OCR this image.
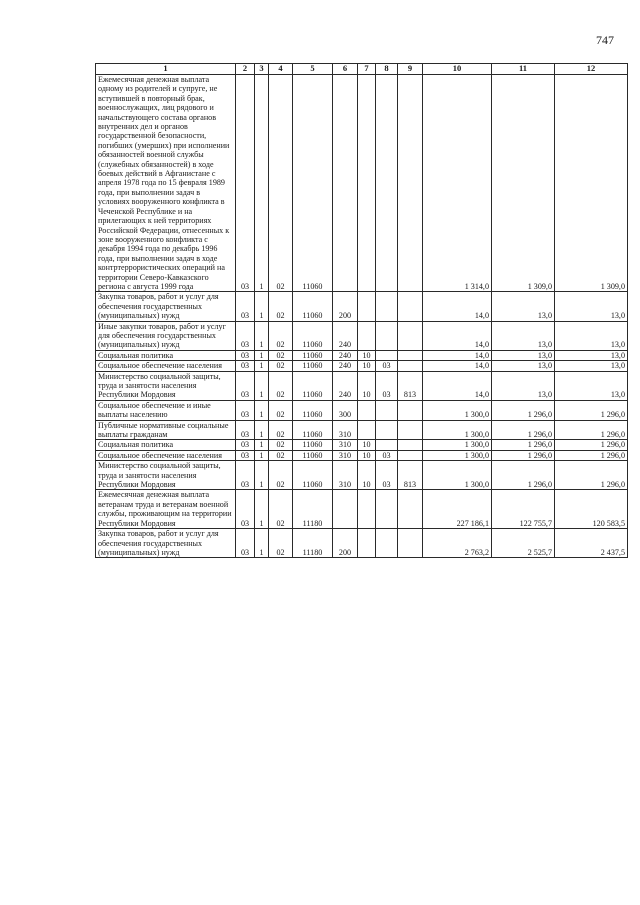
747
1	2	3	4	5	6	7	8	9	10	11	12
Ежемесячная денежная выплата одному из родителей и супруге, не вступившей в повторный брак, военнослужащих, лиц рядового и начальствующего состава органов внутренних дел и органов государственной безопасности, погибших (умерших) при исполнении обязанностей военной службы (служебных обязанностей) в ходе боевых действий в Афганистане с апреля 1978 года по 15 февраля 1989 года, при выполнении задач в условиях вооруженного конфликта в Чеченской Республике и на прилегающих к ней территориях Российской Федерации, отнесенных к зоне вооруженного конфликта с декабря 1994 года по декабрь 1996 года, при выполнении задач в ходе контртеррористических операций на территории Северо-Кавказского региона с августа 1999 года	03	1	02	11060					1 314,0	1 309,0	1 309,0
Закупка товаров, работ и услуг для обеспечения государственных (муниципальных) нужд	03	1	02	11060	200				14,0	13,0	13,0
Иные закупки товаров, работ и услуг для обеспечения государственных (муниципальных) нужд	03	1	02	11060	240				14,0	13,0	13,0
Социальная политика	03	1	02	11060	240	10			14,0	13,0	13,0
Социальное обеспечение населения	03	1	02	11060	240	10	03		14,0	13,0	13,0
Министерство социальной защиты, труда и занятости населения Республики Мордовия	03	1	02	11060	240	10	03	813	14,0	13,0	13,0
Социальное обеспечение и иные выплаты населению	03	1	02	11060	300				1 300,0	1 296,0	1 296,0
Публичные нормативные социальные выплаты гражданам	03	1	02	11060	310				1 300,0	1 296,0	1 296,0
Социальная политика	03	1	02	11060	310	10			1 300,0	1 296,0	1 296,0
Социальное обеспечение населения	03	1	02	11060	310	10	03		1 300,0	1 296,0	1 296,0
Министерство социальной защиты, труда и занятости населения Республики Мордовия	03	1	02	11060	310	10	03	813	1 300,0	1 296,0	1 296,0
Ежемесячная денежная выплата ветеранам труда и ветеранам военной службы, проживающим на территории Республики Мордовия	03	1	02	11180					227 186,1	122 755,7	120 583,5
Закупка товаров, работ и услуг для обеспечения государственных (муниципальных) нужд	03	1	02	11180	200				2 763,2	2 525,7	2 437,5
